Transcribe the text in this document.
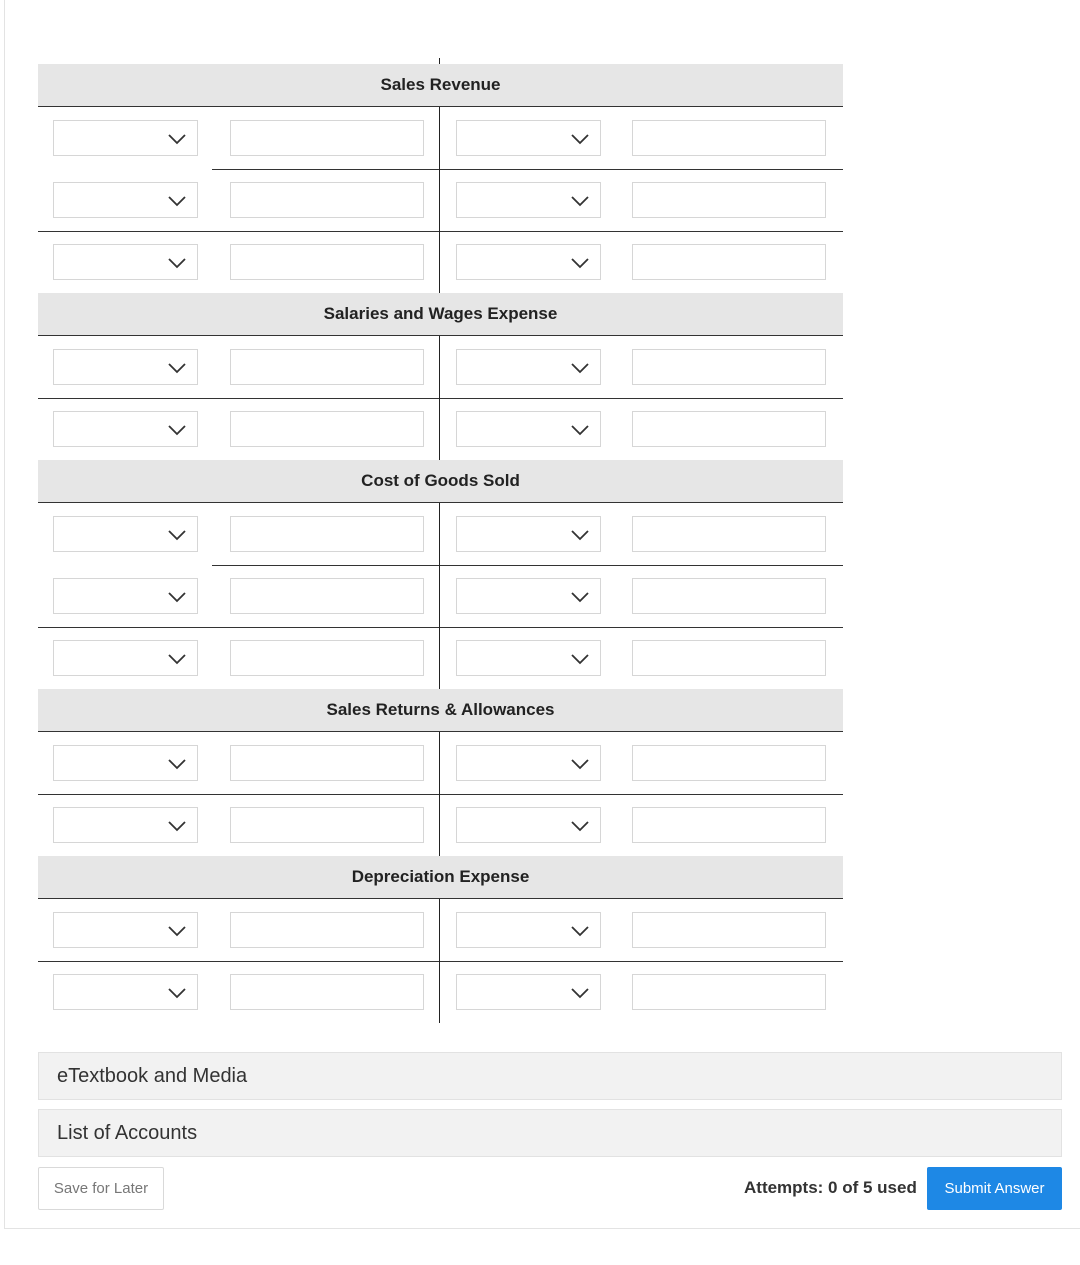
Sales Revenue
Salaries and Wages Expense
Cost of Goods Sold
Sales Returns & Allowances
Depreciation Expense
eTextbook and Media
List of Accounts
Save for Later	Attempts: 0 of 5 used Submit Answer
